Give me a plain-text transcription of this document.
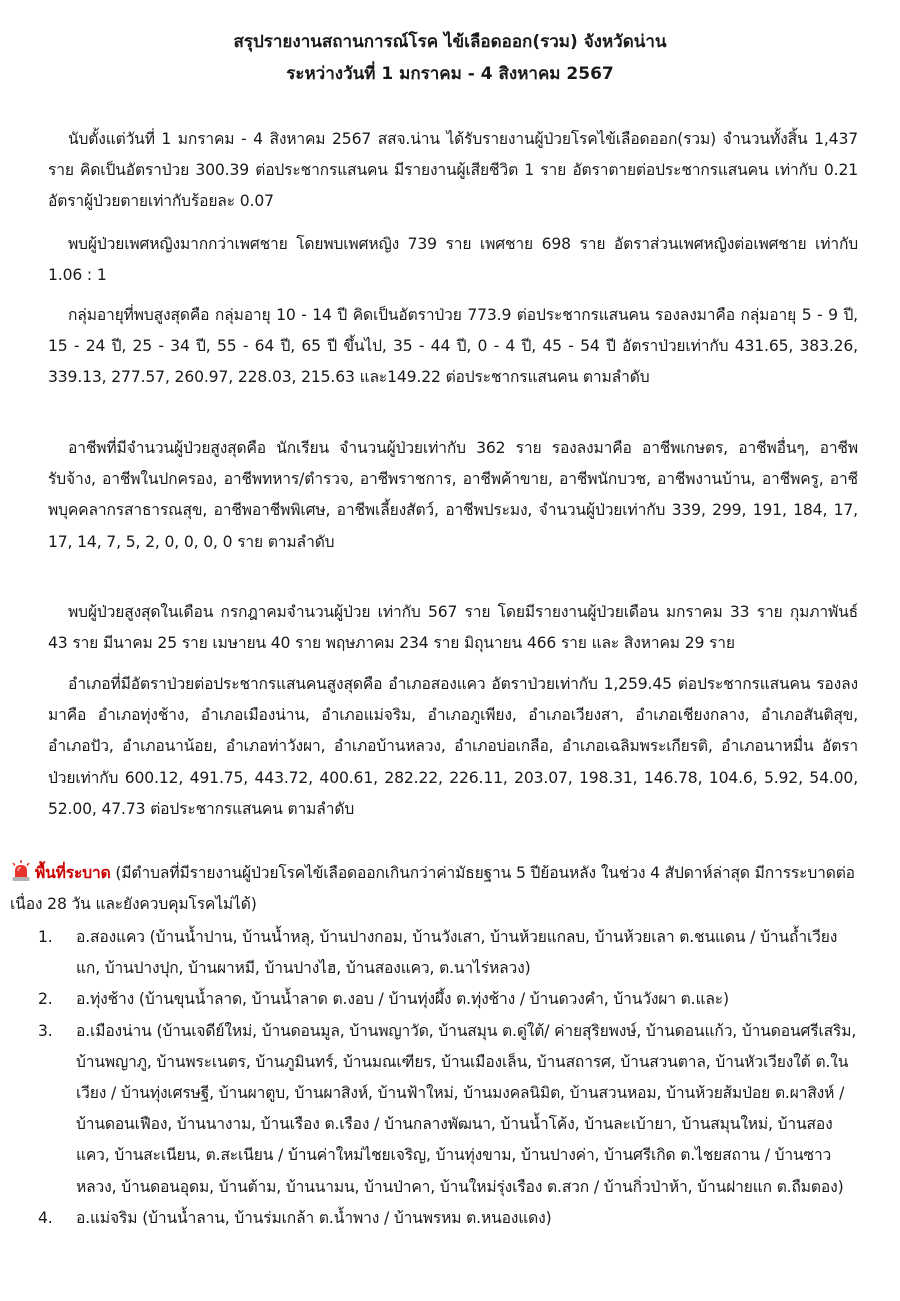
สรุปรายงานสถานการณ์โรค ไข้เลือดออก(รวม) จังหวัดน่าน
ระหว่างวันที่ 1 มกราคม - 4 สิงหาคม 2567
นับตั้งแต่วันที่ 1 มกราคม - 4 สิงหาคม 2567 สสจ.น่าน ได้รับรายงานผู้ป่วยโรคไข้เลือดออก(รวม) จำนวนทั้งสิ้น 1,437 ราย คิดเป็นอัตราป่วย 300.39 ต่อประชากรแสนคน มีรายงานผู้เสียชีวิต 1 ราย อัตราตายต่อประชากรแสนคน เท่ากับ 0.21 อัตราผู้ป่วยตายเท่ากับร้อยละ 0.07
พบผู้ป่วยเพศหญิงมากกว่าเพศชาย โดยพบเพศหญิง 739 ราย เพศชาย 698 ราย อัตราส่วนเพศหญิงต่อเพศชาย เท่ากับ 1.06 : 1
กลุ่มอายุที่พบสูงสุดคือ กลุ่มอายุ 10 - 14 ปี คิดเป็นอัตราป่วย 773.9 ต่อประชากรแสนคน รองลงมาคือ กลุ่มอายุ 5 - 9 ปี, 15 - 24 ปี, 25 - 34 ปี, 55 - 64 ปี, 65 ปี ขึ้นไป, 35 - 44 ปี, 0 - 4 ปี, 45 - 54 ปี อัตราป่วยเท่ากับ 431.65, 383.26, 339.13, 277.57, 260.97, 228.03, 215.63 และ149.22 ต่อประชากรแสนคน ตามลำดับ
อาชีพที่มีจำนวนผู้ป่วยสูงสุดคือ นักเรียน จำนวนผู้ป่วยเท่ากับ 362 ราย รองลงมาคือ อาชีพเกษตร, อาชีพอื่นๆ, อาชีพรับจ้าง, อาชีพในปกครอง, อาชีพทหาร/ตำรวจ, อาชีพราชการ, อาชีพค้าขาย, อาชีพนักบวช, อาชีพงานบ้าน, อาชีพครู, อาชีพบุคคลากรสาธารณสุข, อาชีพอาชีพพิเศษ, อาชีพเลี้ยงสัตว์, อาชีพประมง, จำนวนผู้ป่วยเท่ากับ 339, 299, 191, 184, 17, 17, 14, 7, 5, 2, 0, 0, 0, 0 ราย ตามลำดับ
พบผู้ป่วยสูงสุดในเดือน กรกฎาคมจำนวนผู้ป่วย เท่ากับ 567 ราย โดยมีรายงานผู้ป่วยเดือน มกราคม 33 ราย กุมภาพันธ์ 43 ราย มีนาคม 25 ราย เมษายน 40 ราย พฤษภาคม 234 ราย มิถุนายน 466 ราย และ สิงหาคม 29 ราย
อำเภอที่มีอัตราป่วยต่อประชากรแสนคนสูงสุดคือ อำเภอสองแคว อัตราป่วยเท่ากับ 1,259.45 ต่อประชากรแสนคน รองลงมาคือ อำเภอทุ่งช้าง, อำเภอเมืองน่าน, อำเภอแม่จริม, อำเภอภูเพียง, อำเภอเวียงสา, อำเภอเชียงกลาง, อำเภอสันติสุข, อำเภอปัว, อำเภอนาน้อย, อำเภอท่าวังผา, อำเภอบ้านหลวง, อำเภอบ่อเกลือ, อำเภอเฉลิมพระเกียรติ, อำเภอนาหมื่น อัตราป่วยเท่ากับ 600.12, 491.75, 443.72, 400.61, 282.22, 226.11, 203.07, 198.31, 146.78, 104.6, 5.92, 54.00, 52.00, 47.73 ต่อประชากรแสนคน ตามลำดับ
พื้นที่ระบาด (มีตำบลที่มีรายงานผู้ป่วยโรคไข้เลือดออกเกินกว่าค่ามัธยฐาน 5 ปีย้อนหลัง ในช่วง 4 สัปดาห์ล่าสุด มีการระบาดต่อเนื่อง 28 วัน และยังควบคุมโรคไม่ได้)
1. อ.สองแคว (บ้านน้ำปาน, บ้านน้ำหลุ, บ้านปางกอม, บ้านวังเสา, บ้านห้วยแกลบ, บ้านห้วยเลา ต.ชนแดน / บ้านถ้ำเวียงแก, บ้านปางปุก, บ้านผาหมี, บ้านปางไฮ, บ้านสองแคว, ต.นาไร่หลวง)
2. อ.ทุ่งช้าง (บ้านขุนน้ำลาด, บ้านน้ำลาด ต.งอบ / บ้านทุ่งผึ้ง ต.ทุ่งช้าง / บ้านดวงคำ, บ้านวังผา ต.และ)
3. อ.เมืองน่าน (บ้านเจดีย์ใหม่, บ้านดอนมูล, บ้านพญาวัด, บ้านสมุน ต.ดู่ใต้/ ค่ายสุริยพงษ์, บ้านดอนแก้ว, บ้านดอนศรีเสริม, บ้านพญาภู, บ้านพระเนตร, บ้านภูมินทร์, บ้านมณเฑียร, บ้านเมืองเล็น, บ้านสถารศ, บ้านสวนตาล, บ้านหัวเวียงใต้ ต.ในเวียง / บ้านทุ่งเศรษฐี, บ้านผาตูบ, บ้านผาสิงห์, บ้านฟ้าใหม่, บ้านมงคลนิมิต, บ้านสวนหอม, บ้านห้วยส้มป่อย ต.ผาสิงห์ / บ้านดอนเฟือง, บ้านนางาม, บ้านเรือง ต.เรือง / บ้านกลางพัฒนา, บ้านน้ำโค้ง, บ้านละเบ้ายา, บ้านสมุนใหม่, บ้านสองแคว, บ้านสะเนียน, ต.สะเนียน / บ้านค่าใหม่ไชยเจริญ, บ้านทุ่งขาม, บ้านปางค่า, บ้านศรีเกิด ต.ไชยสถาน / บ้านซาวหลวง, บ้านดอนอุดม, บ้านต้าม, บ้านนามน, บ้านป่าคา, บ้านใหม่รุ่งเรือง ต.สวก / บ้านกิ่วป่าห้า, บ้านฝายแก ต.ถืมตอง)
4. อ.แม่จริม (บ้านน้ำลาน, บ้านร่มเกล้า ต.น้ำพาง / บ้านพรหม ต.หนองแดง)
